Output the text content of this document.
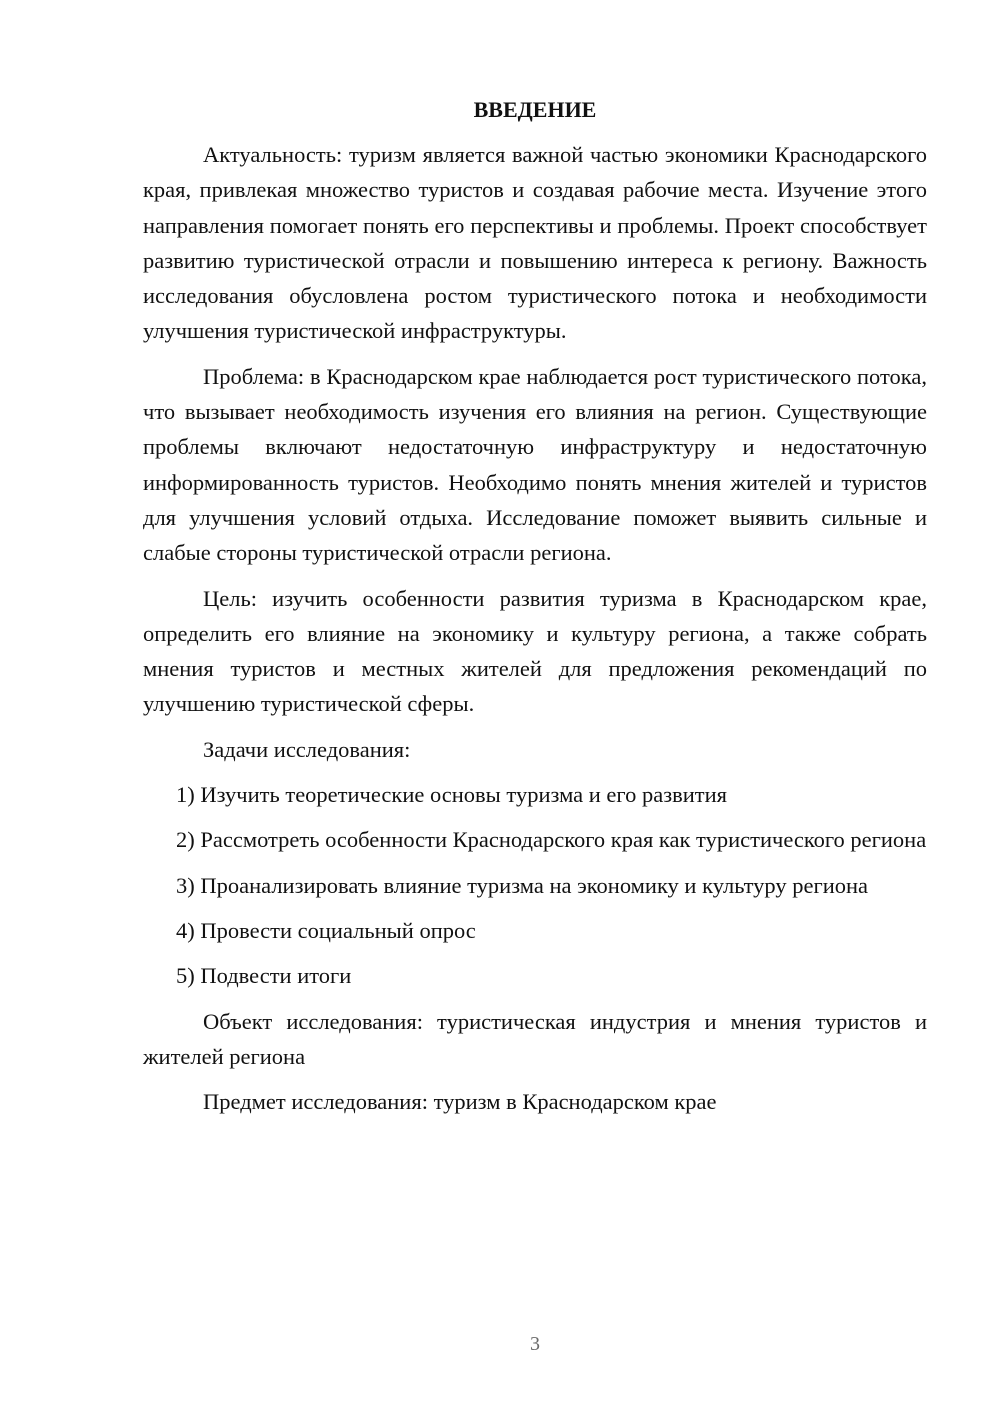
ВВЕДЕНИЕ

Актуальность: туризм является важной частью экономики Краснодарского края, привлекая множество туристов и создавая рабочие места. Изучение этого направления помогает понять его перспективы и проблемы. Проект способствует развитию туристической отрасли и повышению интереса к региону. Важность исследования обусловлена ростом туристического потока и необходимости улучшения туристической инфраструктуры.

Проблема: в Краснодарском крае наблюдается рост туристического потока, что вызывает необходимость изучения его влияния на регион. Существующие проблемы включают недостаточную инфраструктуру и недостаточную информированность туристов. Необходимо понять мнения жителей и туристов для улучшения условий отдыха. Исследование поможет выявить сильные и слабые стороны туристической отрасли региона.

Цель: изучить особенности развития туризма в Краснодарском крае, определить его влияние на экономику и культуру региона, а также собрать мнения туристов и местных жителей для предложения рекомендаций по улучшению туристической сферы.

Задачи исследования:

1) Изучить теоретические основы туризма и его развития

2) Рассмотреть особенности Краснодарского края как туристического региона

3) Проанализировать влияние туризма на экономику и культуру региона

4) Провести социальный опрос

5) Подвести итоги

Объект исследования: туристическая индустрия и мнения туристов и жителей региона

Предмет исследования: туризм в Краснодарском крае

3
